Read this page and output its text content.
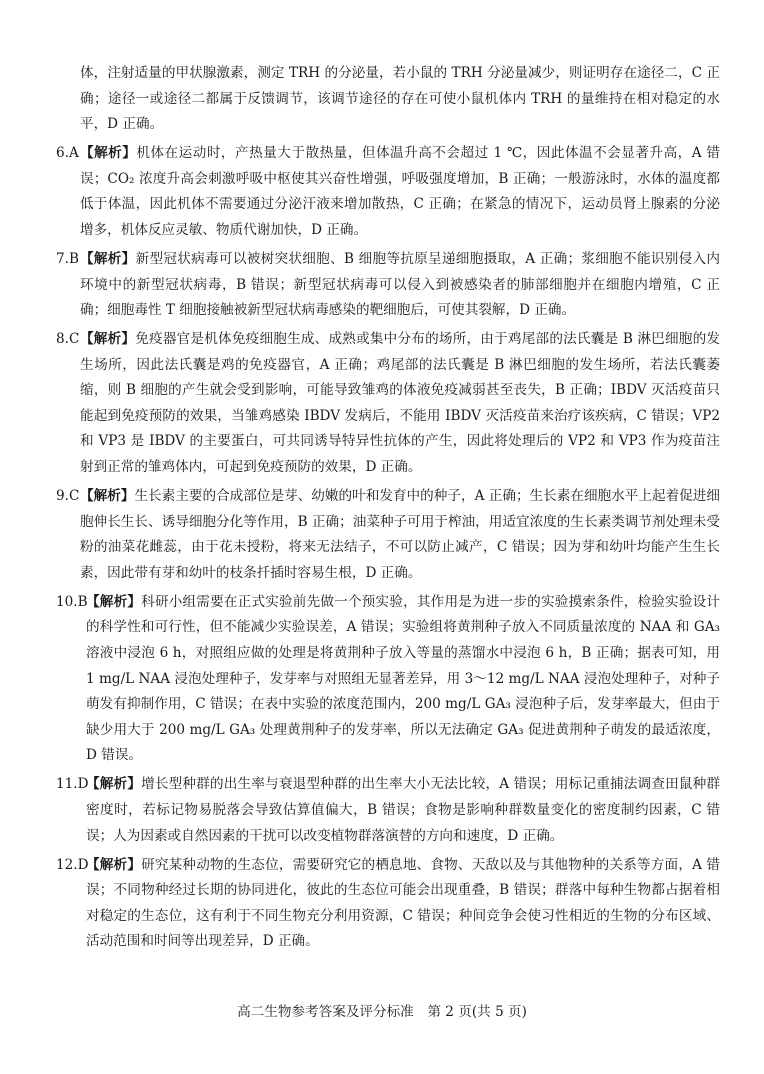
体，注射适量的甲状腺激素，测定 TRH 的分泌量，若小鼠的 TRH 分泌量减少，则证明存在途径二，C 正确；途径一或途径二都属于反馈调节，该调节途径的存在可使小鼠机体内 TRH 的量维持在相对稳定的水平，D 正确。

6.A 【解析】机体在运动时，产热量大于散热量，但体温升高不会超过 1 ℃，因此体温不会显著升高，A 错误；CO₂ 浓度升高会刺激呼吸中枢使其兴奋性增强，呼吸强度增加，B 正确；一般游泳时，水体的温度都低于体温，因此机体不需要通过分泌汗液来增加散热，C 正确；在紧急的情况下，运动员肾上腺素的分泌增多，机体反应灵敏、物质代谢加快，D 正确。
7.B 【解析】新型冠状病毒可以被树突状细胞、B 细胞等抗原呈递细胞摄取，A 正确；浆细胞不能识别侵入内环境中的新型冠状病毒，B 错误；新型冠状病毒可以侵入到被感染者的肺部细胞并在细胞内增殖，C 正确；细胞毒性 T 细胞接触被新型冠状病毒感染的靶细胞后，可使其裂解，D 正确。
8.C 【解析】免疫器官是机体免疫细胞生成、成熟或集中分布的场所，由于鸡尾部的法氏囊是 B 淋巴细胞的发生场所，因此法氏囊是鸡的免疫器官，A 正确；鸡尾部的法氏囊是 B 淋巴细胞的发生场所，若法氏囊萎缩，则 B 细胞的产生就会受到影响，可能导致雏鸡的体液免疫减弱甚至丧失，B 正确；IBDV 灭活疫苗只能起到免疫预防的效果，当雏鸡感染 IBDV 发病后，不能用 IBDV 灭活疫苗来治疗该疾病，C 错误；VP2 和 VP3 是 IBDV 的主要蛋白，可共同诱导特异性抗体的产生，因此将处理后的 VP2 和 VP3 作为疫苗注射到正常的雏鸡体内，可起到免疫预防的效果，D 正确。
9.C 【解析】生长素主要的合成部位是芽、幼嫩的叶和发育中的种子，A 正确；生长素在细胞水平上起着促进细胞伸长生长、诱导细胞分化等作用，B 正确；油菜种子可用于榨油，用适宜浓度的生长素类调节剂处理未受粉的油菜花雌蕊，由于花未授粉，将来无法结子，不可以防止减产，C 错误；因为芽和幼叶均能产生生长素，因此带有芽和幼叶的枝条扦插时容易生根，D 正确。
10.B
【解析】科研小组需要在正式实验前先做一个预实验，其作用是为进一步的实验摸索条件，检验实验设计的科学性和可行性，但不能减少实验误差，A 错误；实验组将黄荆种子放入不同质量浓度的 NAA 和 GA₃ 溶液中浸泡 6 h，对照组应做的处理是将黄荆种子放入等量的蒸馏水中浸泡 6 h，B 正确；据表可知，用 1 mg/L NAA 浸泡处理种子，发芽率与对照组无显著差异，用 3～12 mg/L NAA 浸泡处理种子，对种子萌发有抑制作用，C 错误；在表中实验的浓度范围内，200 mg/L GA₃ 浸泡种子后，发芽率最大，但由于缺少用大于 200 mg/L GA₃ 处理黄荆种子的发芽率，所以无法确定 GA₃ 促进黄荆种子萌发的最适浓度，D 错误。
11.D
【解析】增长型种群的出生率与衰退型种群的出生率大小无法比较，A 错误；用标记重捕法调查田鼠种群密度时，若标记物易脱落会导致估算值偏大，B 错误；食物是影响种群数量变化的密度制约因素，C 错误；人为因素或自然因素的干扰可以改变植物群落演替的方向和速度，D 正确。
12.D
【解析】研究某种动物的生态位，需要研究它的栖息地、食物、天敌以及与其他物种的关系等方面，A 错误；不同物种经过长期的协同进化，彼此的生态位可能会出现重叠，B 错误；群落中每种生物都占据着相对稳定的生态位，这有利于不同生物充分利用资源，C 错误；种间竞争会使习性相近的生物的分布区域、活动范围和时间等出现差异，D 正确。
高二生物参考答案及评分标准　第 2 页(共 5 页)
